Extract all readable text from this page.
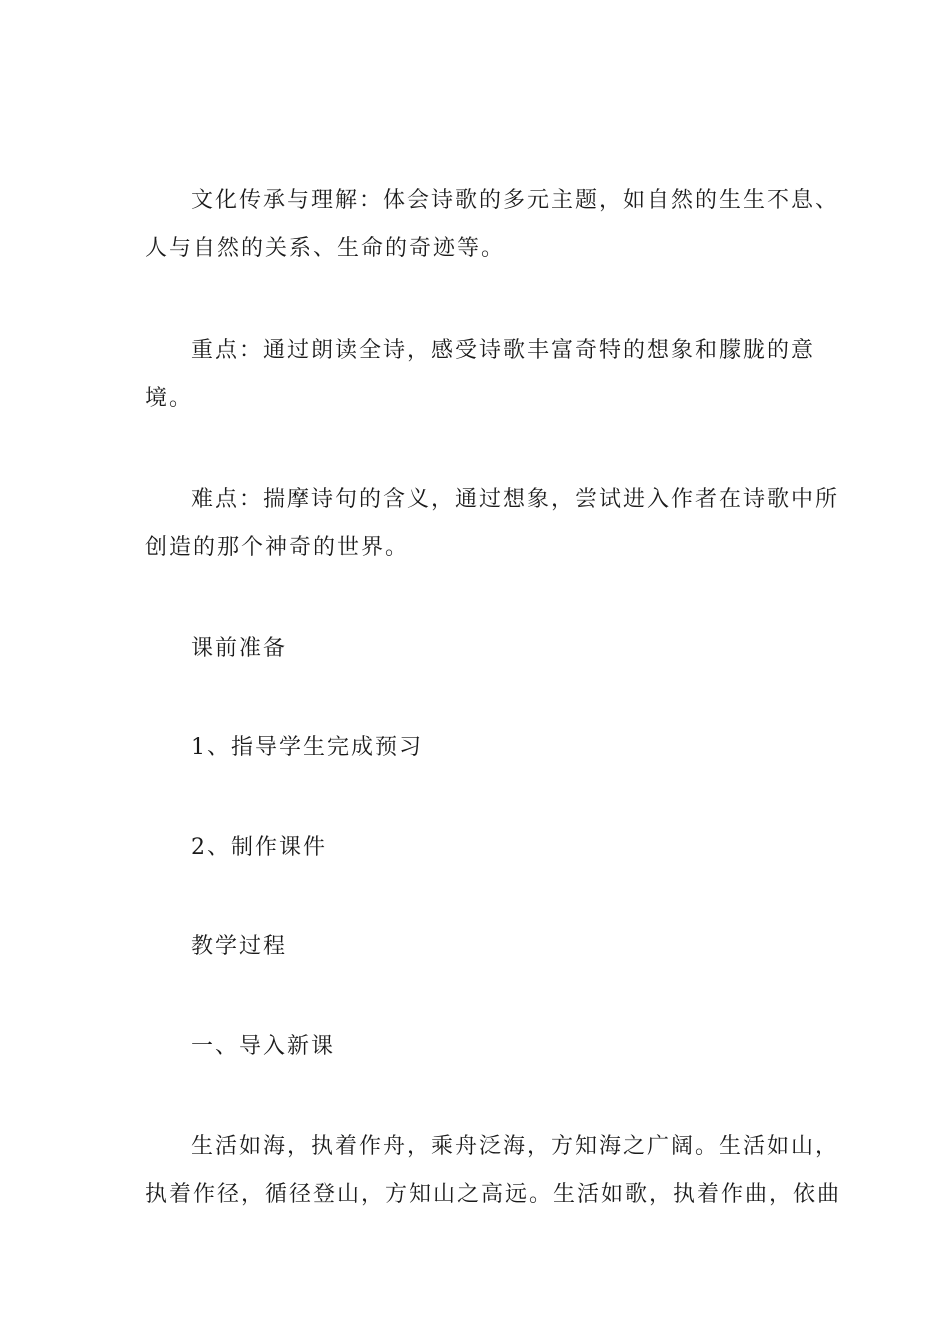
文化传承与理解：体会诗歌的多元主题，如自然的生生不息、
人与自然的关系、生命的奇迹等。
重点：通过朗读全诗，感受诗歌丰富奇特的想象和朦胧的意
境。
难点：揣摩诗句的含义，通过想象，尝试进入作者在诗歌中所
创造的那个神奇的世界。
课前准备
1、指导学生完成预习
2、制作课件
教学过程
一、导入新课
生活如海，执着作舟，乘舟泛海，方知海之广阔。生活如山，
执着作径，循径登山，方知山之高远。生活如歌，执着作曲，依曲
